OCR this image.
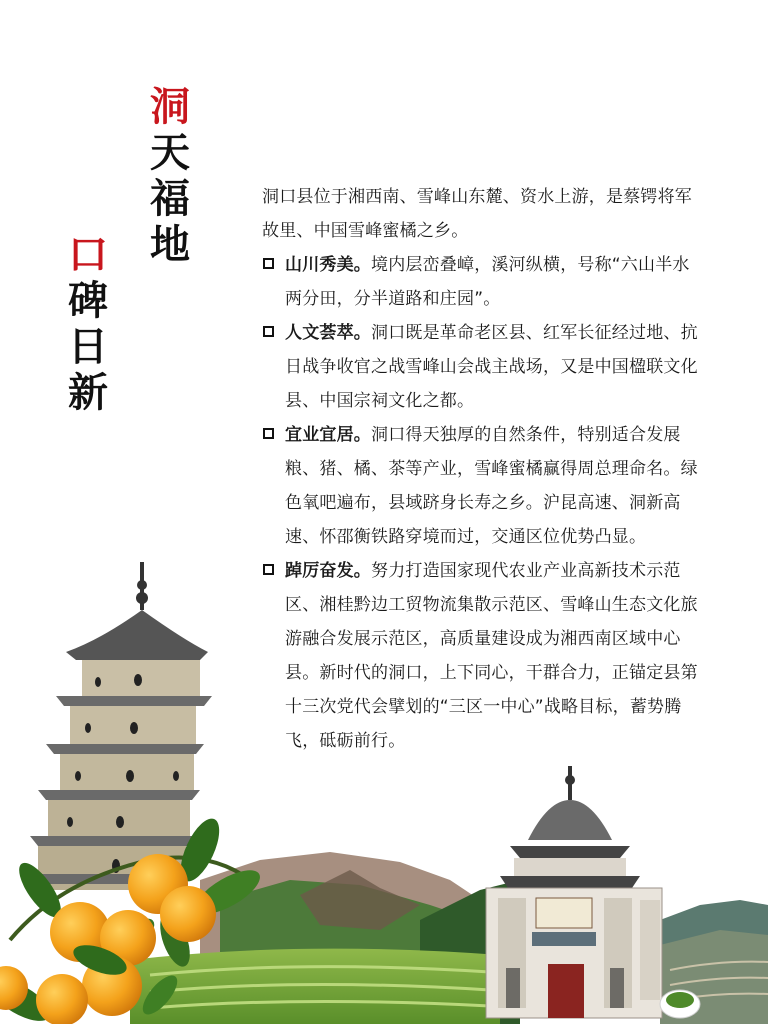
洞
天
福
地
口
碑
日
新

洞口县位于湘西南、雪峰山东麓、资水上游，是蔡锷将军故里、中国雪峰蜜橘之乡。

山川秀美。境内层峦叠嶂，溪河纵横，号称“六山半水两分田，分半道路和庄园”。

人文荟萃。洞口既是革命老区县、红军长征经过地、抗日战争收官之战雪峰山会战主战场，又是中国楹联文化县、中国宗祠文化之都。

宜业宜居。洞口得天独厚的自然条件，特别适合发展粮、猪、橘、茶等产业，雪峰蜜橘赢得周总理命名。绿色氧吧遍布，县域跻身长寿之乡。沪昆高速、洞新高速、怀邵衡铁路穿境而过，交通区位优势凸显。

踔厉奋发。努力打造国家现代农业产业高新技术示范区、湘桂黔边工贸物流集散示范区、雪峰山生态文化旅游融合发展示范区，高质量建设成为湘西南区域中心县。新时代的洞口，上下同心，干群合力，正锚定县第十三次党代会擘划的“三区一中心”战略目标，蓄势腾飞，砥砺前行。
